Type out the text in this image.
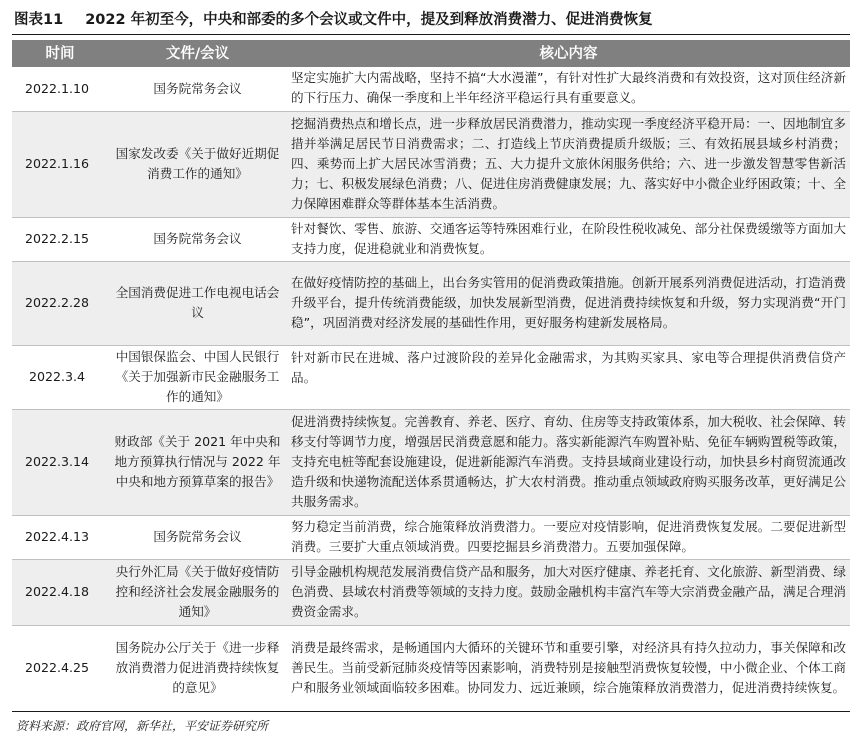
图表11 2022 年初至今，中央和部委的多个会议或文件中，提及到释放消费潜力、促进消费恢复
时间	文件/会议	核心内容
2022.1.10	国务院常务会议	坚定实施扩大内需战略，坚持不搞“大水漫灌”，有针对性扩大最终消费和有效投资，这对顶住经济新的下行压力、确保一季度和上半年经济平稳运行具有重要意义。
2022.1.16	国家发改委《关于做好近期促消费工作的通知》	挖掘消费热点和增长点，进一步释放居民消费潜力，推动实现一季度经济平稳开局：一、因地制宜多措并举满足居民节日消费需求；二、打造线上节庆消费提质升级版；三、有效拓展县域乡村消费；四、乘势而上扩大居民冰雪消费；五、大力提升文旅休闲服务供给；六、进一步激发智慧零售新活力；七、积极发展绿色消费；八、促进住房消费健康发展；九、落实好中小微企业纾困政策；十、全力保障困难群众等群体基本生活消费。
2022.2.15	国务院常务会议	针对餐饮、零售、旅游、交通客运等特殊困难行业，在阶段性税收减免、部分社保费缓缴等方面加大支持力度，促进稳就业和消费恢复。
2022.2.28	全国消费促进工作电视电话会议	在做好疫情防控的基础上，出台务实管用的促消费政策措施。创新开展系列消费促进活动，打造消费升级平台，提升传统消费能级，加快发展新型消费，促进消费持续恢复和升级，努力实现消费“开门稳”，巩固消费对经济发展的基础性作用，更好服务构建新发展格局。
2022.3.4	中国银保监会、中国人民银行《关于加强新市民金融服务工作的通知》	针对新市民在进城、落户过渡阶段的差异化金融需求，为其购买家具、家电等合理提供消费信贷产品。
2022.3.14	财政部《关于 2021 年中央和地方预算执行情况与 2022 年中央和地方预算草案的报告》	促进消费持续恢复。完善教育、养老、医疗、育幼、住房等支持政策体系，加大税收、社会保障、转移支付等调节力度，增强居民消费意愿和能力。落实新能源汽车购置补贴、免征车辆购置税等政策，支持充电桩等配套设施建设，促进新能源汽车消费。支持县域商业建设行动，加快县乡村商贸流通改造升级和快递物流配送体系贯通畅达，扩大农村消费。推动重点领域政府购买服务改革，更好满足公共服务需求。
2022.4.13	国务院常务会议	努力稳定当前消费，综合施策释放消费潜力。一要应对疫情影响，促进消费恢复发展。二要促进新型消费。三要扩大重点领域消费。四要挖掘县乡消费潜力。五要加强保障。
2022.4.18	央行外汇局《关于做好疫情防控和经济社会发展金融服务的通知》	引导金融机构规范发展消费信贷产品和服务，加大对医疗健康、养老托育、文化旅游、新型消费、绿色消费、县域农村消费等领域的支持力度。鼓励金融机构丰富汽车等大宗消费金融产品，满足合理消费资金需求。
2022.4.25	国务院办公厅关于《进一步释放消费潜力促进消费持续恢复的意见》	消费是最终需求，是畅通国内大循环的关键环节和重要引擎，对经济具有持久拉动力，事关保障和改善民生。当前受新冠肺炎疫情等因素影响，消费特别是接触型消费恢复较慢，中小微企业、个体工商户和服务业领域面临较多困难。协同发力、远近兼顾，综合施策释放消费潜力，促进消费持续恢复。
资料来源：政府官网，新华社，平安证券研究所
